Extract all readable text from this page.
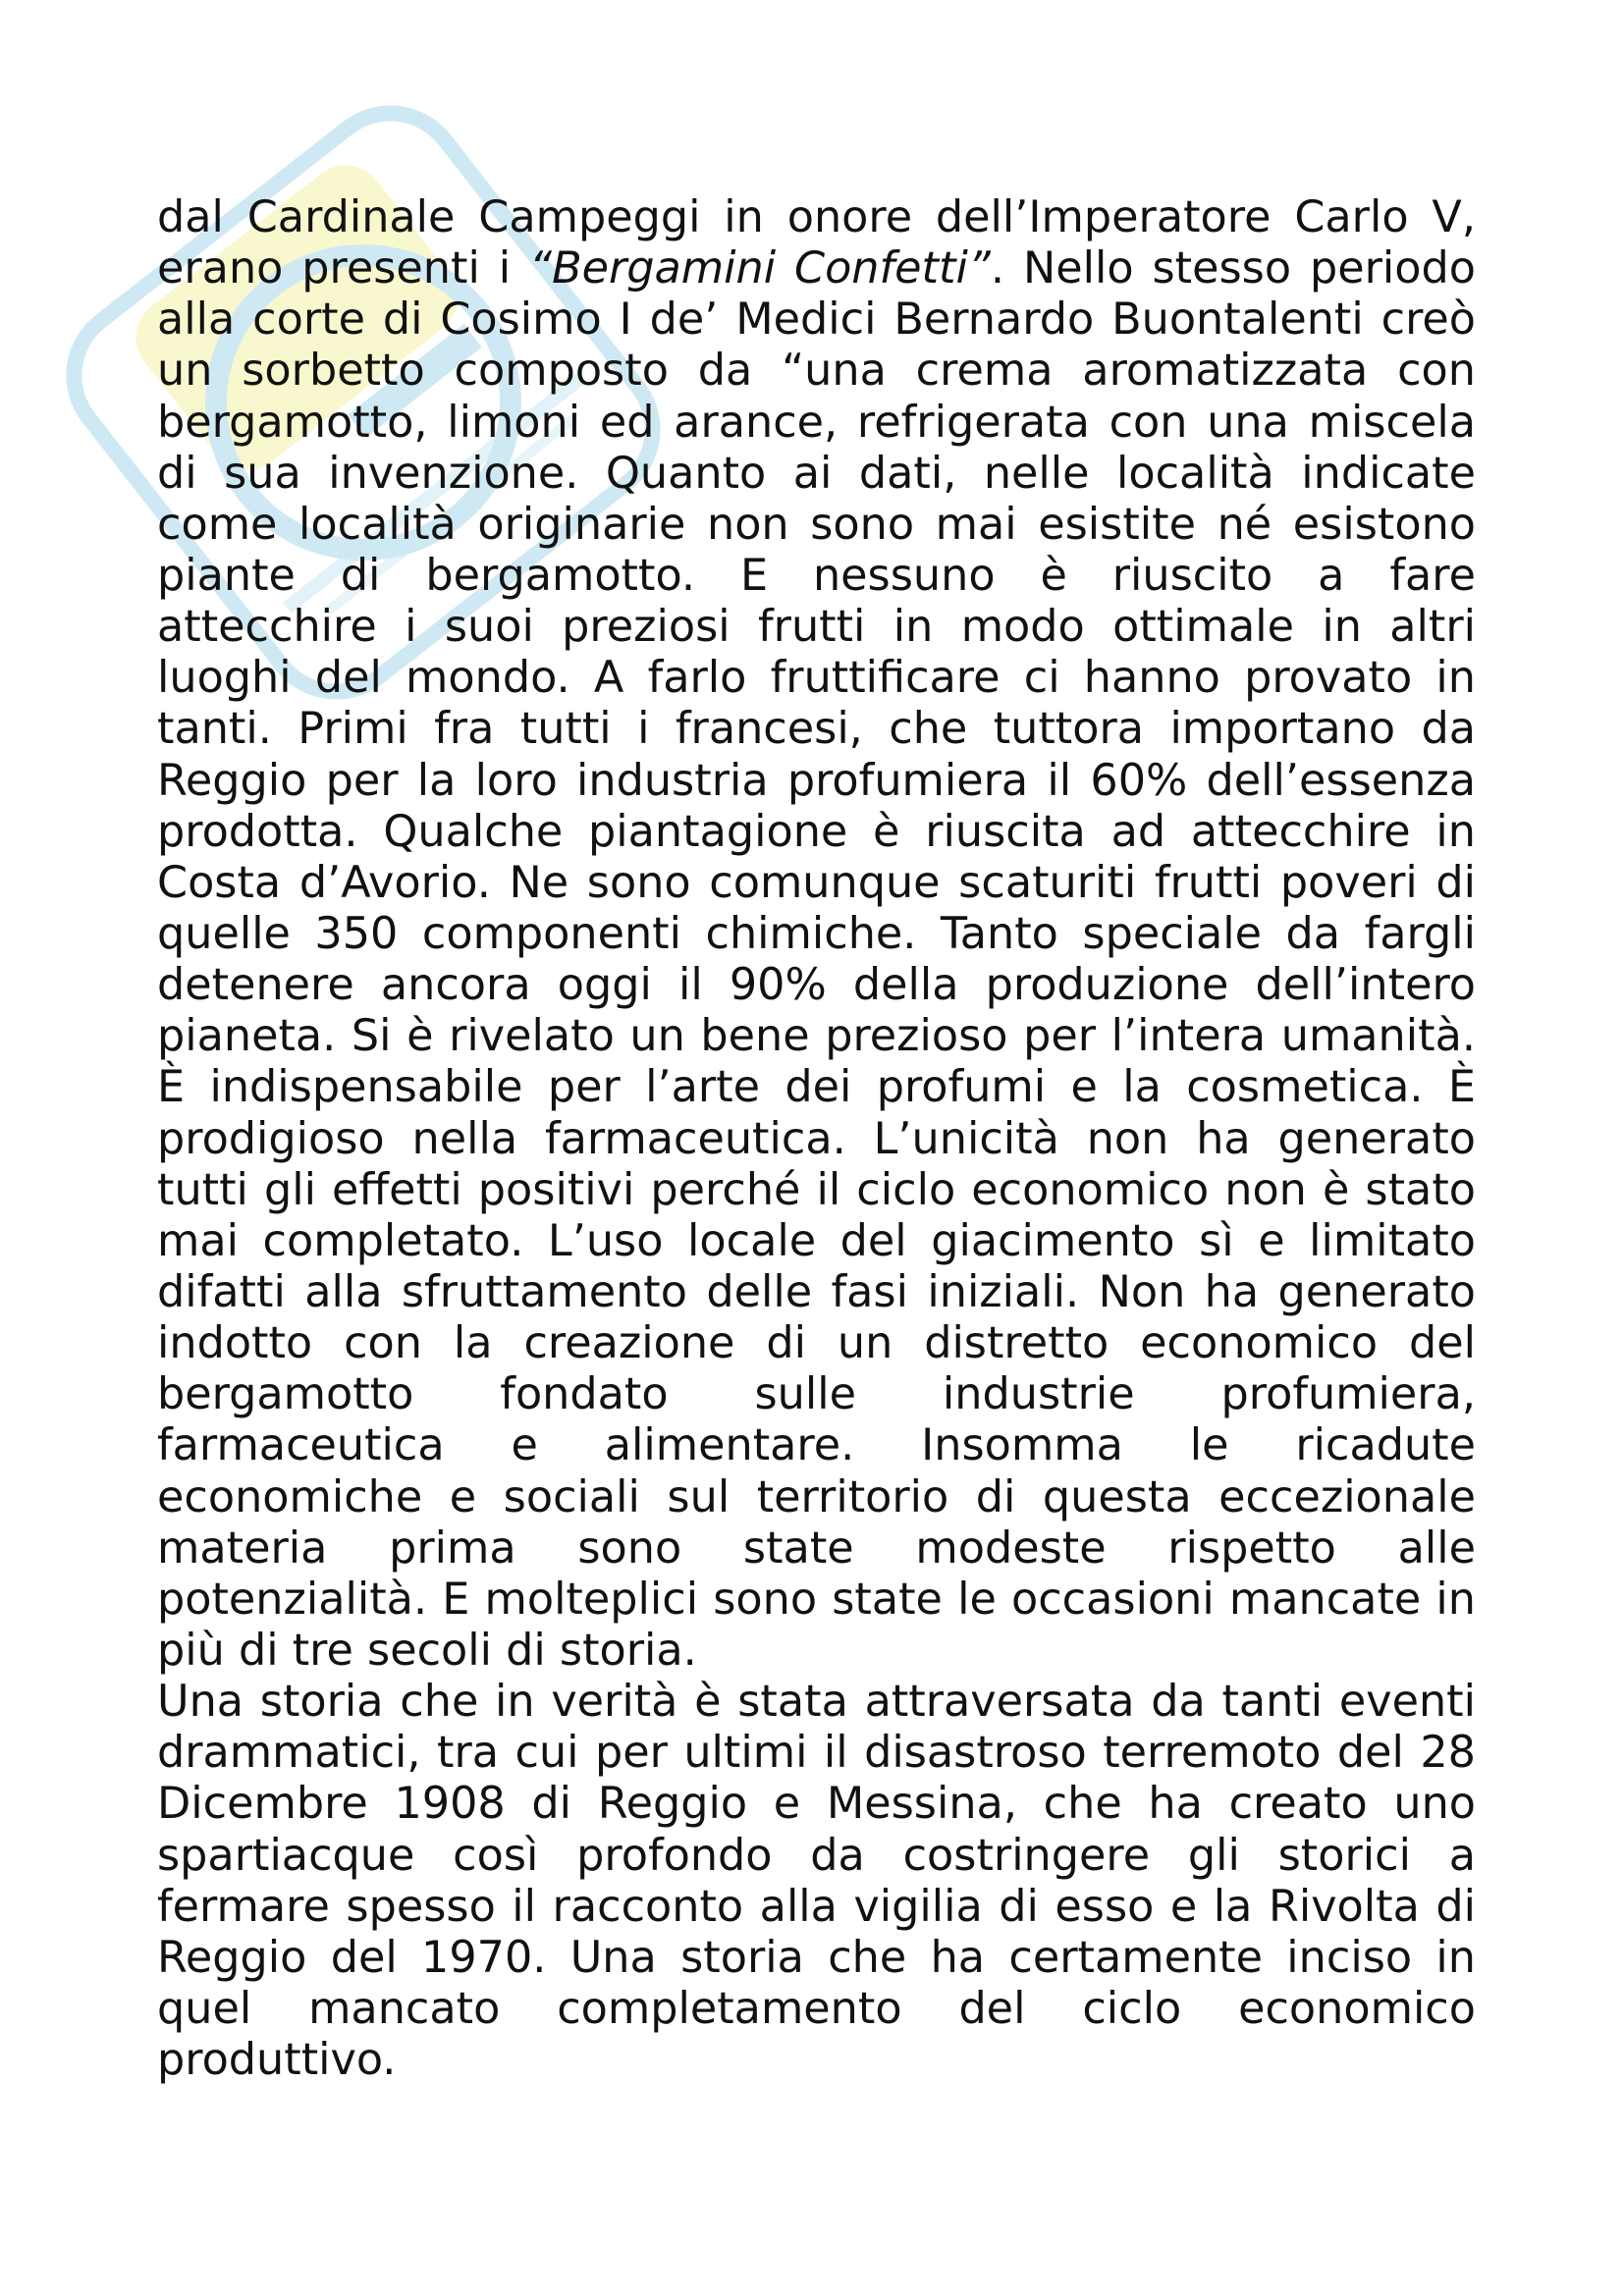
dal Cardinale Campeggi in onore dell’Imperatore Carlo V,
erano presenti i “Bergamini Confetti”. Nello stesso periodo
alla corte di Cosimo I de’ Medici Bernardo Buontalenti creò
un sorbetto composto da “una crema aromatizzata con
bergamotto, limoni ed arance, refrigerata con una miscela
di sua invenzione. Quanto ai dati, nelle località indicate
come località originarie non sono mai esistite né esistono
piante di bergamotto. E nessuno è riuscito a fare
attecchire i suoi preziosi frutti in modo ottimale in altri
luoghi del mondo. A farlo fruttificare ci hanno provato in
tanti. Primi fra tutti i francesi, che tuttora importano da
Reggio per la loro industria profumiera il 60% dell’essenza
prodotta. Qualche piantagione è riuscita ad attecchire in
Costa d’Avorio. Ne sono comunque scaturiti frutti poveri di
quelle 350 componenti chimiche. Tanto speciale da fargli
detenere ancora oggi il 90% della produzione dell’intero
pianeta. Si è rivelato un bene prezioso per l’intera umanità.
È indispensabile per l’arte dei profumi e la cosmetica. È
prodigioso nella farmaceutica. L’unicità non ha generato
tutti gli effetti positivi perché il ciclo economico non è stato
mai completato. L’uso locale del giacimento sì e limitato
difatti alla sfruttamento delle fasi iniziali. Non ha generato
indotto con la creazione di un distretto economico del
bergamotto fondato sulle industrie profumiera,
farmaceutica e alimentare. Insomma le ricadute
economiche e sociali sul territorio di questa eccezionale
materia prima sono state modeste rispetto alle
potenzialità. E molteplici sono state le occasioni mancate in
più di tre secoli di storia.
Una storia che in verità è stata attraversata da tanti eventi
drammatici, tra cui per ultimi il disastroso terremoto del 28
Dicembre 1908 di Reggio e Messina, che ha creato uno
spartiacque così profondo da costringere gli storici a
fermare spesso il racconto alla vigilia di esso e la Rivolta di
Reggio del 1970. Una storia che ha certamente inciso in
quel mancato completamento del ciclo economico
produttivo.
